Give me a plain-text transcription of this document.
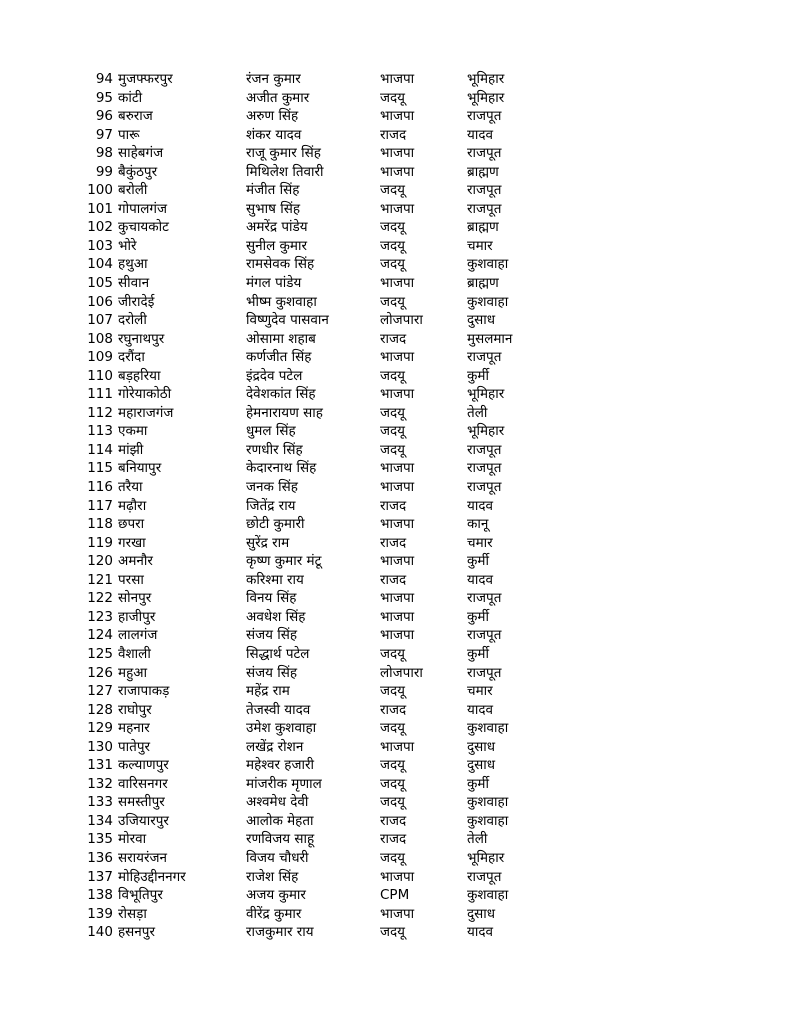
94 मुजफ्फरपुर	रंजन कुमार	भाजपा	भूमिहार
95 कांटी	अजीत कुमार	जदयू	भूमिहार
96 बरुराज	अरुण सिंह	भाजपा	राजपूत
97 पारू	शंकर यादव	राजद	यादव
98 साहेबगंज	राजू कुमार सिंह	भाजपा	राजपूत
99 बैकुंठपुर	मिथिलेश तिवारी	भाजपा	ब्राह्मण
100 बरोली	मंजीत सिंह	जदयू	राजपूत
101 गोपालगंज	सुभाष सिंह	भाजपा	राजपूत
102 कुचायकोट	अमरेंद्र पांडेय	जदयू	ब्राह्मण
103 भोरे	सुनील कुमार	जदयू	चमार
104 हथुआ	रामसेवक सिंह	जदयू	कुशवाहा
105 सीवान	मंगल पांडेय	भाजपा	ब्राह्मण
106 जीरादेई	भीष्म कुशवाहा	जदयू	कुशवाहा
107 दरोली	विष्णुदेव पासवान	लोजपारा	दुसाध
108 रघुनाथपुर	ओसामा शहाब	राजद	मुसलमान
109 दरौंदा	कर्णजीत सिंह	भाजपा	राजपूत
110 बड़हरिया	इंद्रदेव पटेल	जदयू	कुर्मी
111 गोरेयाकोठी	देवेशकांत सिंह	भाजपा	भूमिहार
112 महाराजगंज	हेमनारायण साह	जदयू	तेली
113 एकमा	धुमल सिंह	जदयू	भूमिहार
114 मांझी	रणधीर सिंह	जदयू	राजपूत
115 बनियापुर	केदारनाथ सिंह	भाजपा	राजपूत
116 तरैया	जनक सिंह	भाजपा	राजपूत
117 मढ़ौरा	जितेंद्र राय	राजद	यादव
118 छपरा	छोटी कुमारी	भाजपा	कानू
119 गरखा	सुरेंद्र राम	राजद	चमार
120 अमनौर	कृष्ण कुमार मंटू	भाजपा	कुर्मी
121 परसा	करिश्मा राय	राजद	यादव
122 सोनपुर	विनय सिंह	भाजपा	राजपूत
123 हाजीपुर	अवधेश सिंह	भाजपा	कुर्मी
124 लालगंज	संजय सिंह	भाजपा	राजपूत
125 वैशाली	सिद्धार्थ पटेल	जदयू	कुर्मी
126 महुआ	संजय सिंह	लोजपारा	राजपूत
127 राजापाकड़	महेंद्र राम	जदयू	चमार
128 राघोपुर	तेजस्वी यादव	राजद	यादव
129 महनार	उमेश कुशवाहा	जदयू	कुशवाहा
130 पातेपुर	लखेंद्र रोशन	भाजपा	दुसाध
131 कल्याणपुर	महेश्वर हजारी	जदयू	दुसाध
132 वारिसनगर	मांजरीक मृणाल	जदयू	कुर्मी
133 समस्तीपुर	अश्वमेध देवी	जदयू	कुशवाहा
134 उजियारपुर	आलोक मेहता	राजद	कुशवाहा
135 मोरवा	रणविजय साहू	राजद	तेली
136 सरायरंजन	विजय चौधरी	जदयू	भूमिहार
137 मोहिउद्दीननगर	राजेश सिंह	भाजपा	राजपूत
138 विभूतिपुर	अजय कुमार	CPM	कुशवाहा
139 रोसड़ा	वीरेंद्र कुमार	भाजपा	दुसाध
140 हसनपुर	राजकुमार राय	जदयू	यादव
